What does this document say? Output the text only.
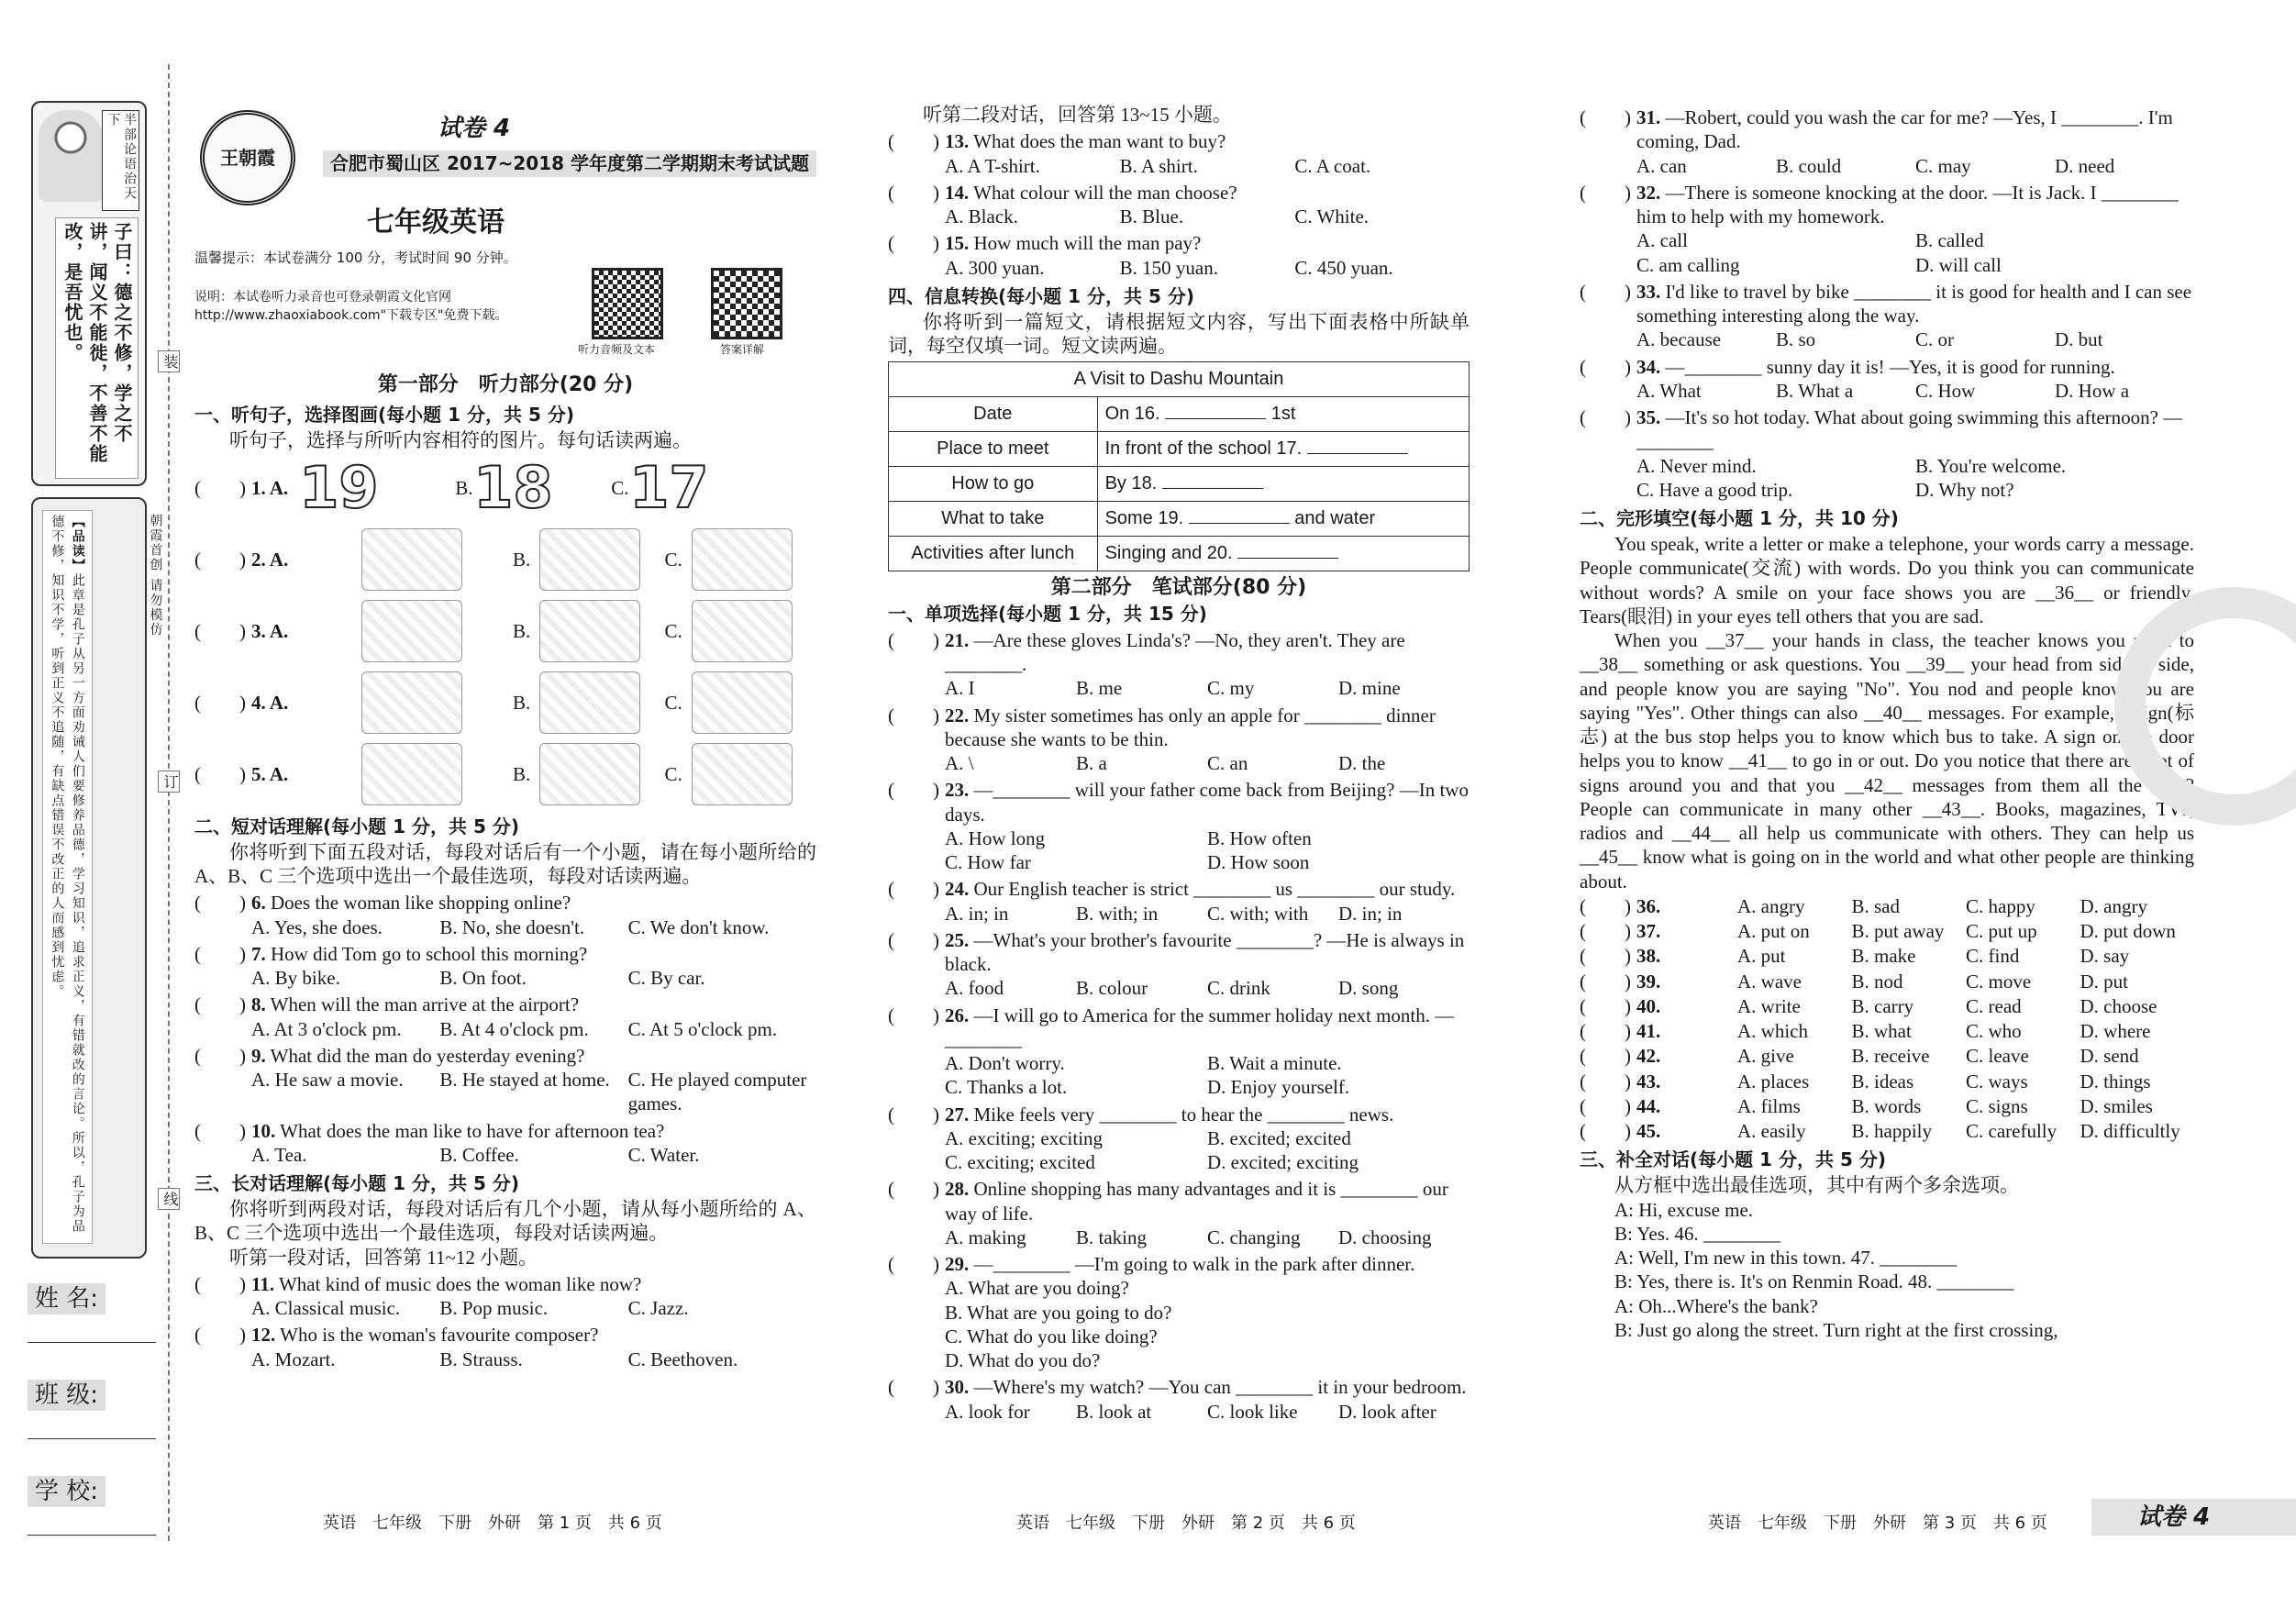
半部论语治天下
子曰：德之不修，学之不讲，闻义不能徙，不善不能改，是吾忧也。
【品读】此章是孔子从另一方面劝诫人们要修养品德，学习知识，追求正义，有错就改的言论。所以，孔子为品德不修，知识不学，听到正义不追随，有缺点错误不改正的人而感到忧虑。
姓 名:
班 级:
学 校:
装
订
线
朝霞首创 请勿模仿
王朝霞
试卷 4
合肥市蜀山区 2017~2018 学年度第二学期期末考试试题
七年级英语
温馨提示：本试卷满分 100 分，考试时间 90 分钟。
说明：本试卷听力录音也可登录朝霞文化官网 http://www.zhaoxiabook.com"下载专区"免费下载。
听力音频及文本	答案详解
第一部分　听力部分(20 分)
一、听句子，选择图画(每小题 1 分，共 5 分)
听句子，选择与所听内容相符的图片。每句话读两遍。
(　　) 1. A. 19	B. 18	C. 17
(　　) 2. A.	B.	C.
(　　) 3. A.	B.	C.
(　　) 4. A.	B.	C.
(　　) 5. A.	B.	C.
二、短对话理解(每小题 1 分，共 5 分)
你将听到下面五段对话，每段对话后有一个小题，请在每小题所给的 A、B、C 三个选项中选出一个最佳选项，每段对话读两遍。
(　　) 6. Does the woman like shopping online?
A. Yes, she does.	B. No, she doesn't.	C. We don't know.
(　　) 7. How did Tom go to school this morning?
A. By bike.	B. On foot.	C. By car.
(　　) 8. When will the man arrive at the airport?
A. At 3 o'clock pm.	B. At 4 o'clock pm.	C. At 5 o'clock pm.
(　　) 9. What did the man do yesterday evening?
A. He saw a movie.	B. He stayed at home. C. He played computer games.
(　　) 10. What does the man like to have for afternoon tea?
A. Tea.	B. Coffee.	C. Water.
三、长对话理解(每小题 1 分，共 5 分)
你将听到两段对话，每段对话后有几个小题，请从每小题所给的 A、B、C 三个选项中选出一个最佳选项，每段对话读两遍。
听第一段对话，回答第 11~12 小题。
(　　) 11. What kind of music does the woman like now?
A. Classical music.	B. Pop music.	C. Jazz.
(　　) 12. Who is the woman's favourite composer?
A. Mozart.	B. Strauss.	C. Beethoven.
听第二段对话，回答第 13~15 小题。
(　　) 13. What does the man want to buy?
A. A T-shirt.	B. A shirt.	C. A coat.
(　　) 14. What colour will the man choose?
A. Black.	B. Blue.	C. White.
(　　) 15. How much will the man pay?
A. 300 yuan.	B. 150 yuan.	C. 450 yuan.
四、信息转换(每小题 1 分，共 5 分)
你将听到一篇短文，请根据短文内容，写出下面表格中所缺单词，每空仅填一词。短文读两遍。
A Visit to Dashu Mountain	
Date	On 16. 1st
Place to meet	In front of the school 17.
How to go	By 18.
What to take	Some 19. and water
Activities after lunch	Singing and 20.
第二部分　笔试部分(80 分)
一、单项选择(每小题 1 分，共 15 分)
(　　) 21. —Are these gloves Linda's? —No, they aren't. They are ________.
A. I	B. me	C. my	D. mine
(　　) 22. My sister sometimes has only an apple for ________ dinner because she wants to be thin.
A. \	B. a	C. an	D. the
(　　) 23. —________ will your father come back from Beijing? —In two days.
A. How long	B. How often
C. How far	D. How soon
(　　) 24. Our English teacher is strict ________ us ________ our study.
A. in; in	B. with; in	C. with; with	D. in; in
(　　) 25. —What's your brother's favourite ________? —He is always in black.
A. food	B. colour	C. drink	D. song
(　　) 26. —I will go to America for the summer holiday next month. —________
A. Don't worry.	B. Wait a minute.
C. Thanks a lot.	D. Enjoy yourself.
(　　) 27. Mike feels very ________ to hear the ________ news.
A. exciting; exciting	B. excited; excited
C. exciting; excited	D. excited; exciting
(　　) 28. Online shopping has many advantages and it is ________ our way of life.
A. making	B. taking	C. changing	D. choosing
(　　) 29. —________ —I'm going to walk in the park after dinner.
A. What are you doing?
B. What are you going to do?
C. What do you like doing?
D. What do you do?
(　　) 30. —Where's my watch? —You can ________ it in your bedroom.
A. look for	B. look at	C. look like	D. look after
(　　) 31. —Robert, could you wash the car for me? —Yes, I ________. I'm coming, Dad.
A. can	B. could	C. may	D. need
(　　) 32. —There is someone knocking at the door. —It is Jack. I ________ him to help with my homework.
A. call	B. called
C. am calling	D. will call
(　　) 33. I'd like to travel by bike ________ it is good for health and I can see something interesting along the way.
A. because	B. so	C. or	D. but
(　　) 34. —________ sunny day it is! —Yes, it is good for running.
A. What	B. What a	C. How	D. How a
(　　) 35. —It's so hot today. What about going swimming this afternoon? —________
A. Never mind.	B. You're welcome.
C. Have a good trip.	D. Why not?
二、完形填空(每小题 1 分，共 10 分)
You speak, write a letter or make a telephone, your words carry a message. People communicate(交流) with words. Do you think you can communicate without words? A smile on your face shows you are __36__ or friendly. Tears(眼泪) in your eyes tell others that you are sad.
When you __37__ your hands in class, the teacher knows you want to __38__ something or ask questions. You __39__ your head from side to side, and people know you are saying "No". You nod and people know you are saying "Yes". Other things can also __40__ messages. For example, a sign(标志) at the bus stop helps you to know which bus to take. A sign on the door helps you to know __41__ to go in or out. Do you notice that there are a lot of signs around you and that you __42__ messages from them all the time? People can communicate in many other __43__. Books, magazines, TVs, radios and __44__ all help us communicate with others. They can help us __45__ know what is going on in the world and what other people are thinking about.
(　　) 36.	A. angry	B. sad	C. happy	D. angry
(　　) 37.	A. put on	B. put away	C. put up	D. put down
(　　) 38.	A. put	B. make	C. find	D. say
(　　) 39.	A. wave	B. nod	C. move	D. put
(　　) 40.	A. write	B. carry	C. read	D. choose
(　　) 41.	A. which	B. what	C. who	D. where
(　　) 42.	A. give	B. receive	C. leave	D. send
(　　) 43.	A. places	B. ideas	C. ways	D. things
(　　) 44.	A. films	B. words	C. signs	D. smiles
(　　) 45.	A. easily	B. happily	C. carefully	D. difficultly
三、补全对话(每小题 1 分，共 5 分)
从方框中选出最佳选项，其中有两个多余选项。
A: Hi, excuse me.
B: Yes. 46. ________
A: Well, I'm new in this town. 47. ________
B: Yes, there is. It's on Renmin Road. 48. ________
A: Oh...Where's the bank?
B: Just go along the street. Turn right at the first crossing,
英语　七年级　下册　外研　第 1 页　共 6 页	英语　七年级　下册　外研　第 2 页　共 6 页	英语　七年级　下册　外研　第 3 页　共 6 页	试卷 4
